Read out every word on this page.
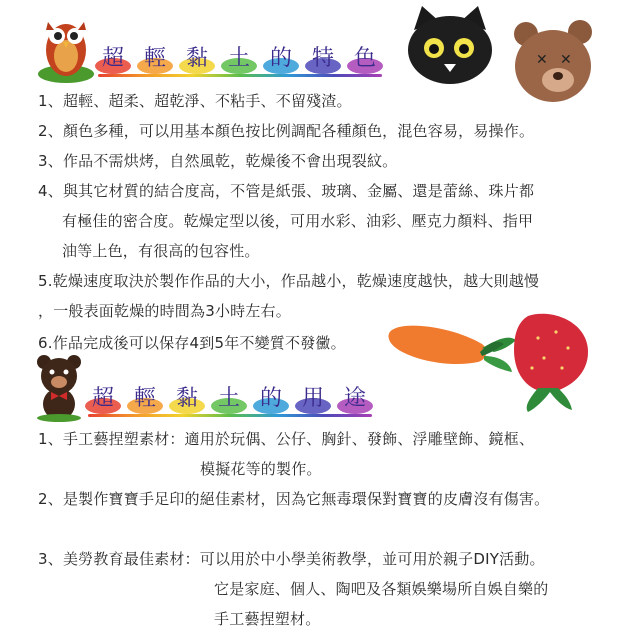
✕ ✕
超 輕 黏 土 的 特 色
1、超輕、超柔、超乾淨、不粘手、不留殘渣。
2、顏色多種，可以用基本顏色按比例調配各種顏色，混色容易，易操作。
3、作品不需烘烤，自然風乾，乾燥後不會出現裂紋。
4、與其它材質的結合度高，不管是紙張、玻璃、金屬、還是蕾絲、珠片都
有極佳的密合度。乾燥定型以後，可用水彩、油彩、壓克力顏料、指甲
油等上色，有很高的包容性。
5.乾燥速度取決於製作作品的大小，作品越小，乾燥速度越快，越大則越慢
，一般表面乾燥的時間為3小時左右。
6.作品完成後可以保存4到5年不變質不發黴。
超 輕 黏 土 的 用 途
1、手工藝捏塑素材：適用於玩偶、公仔、胸針、發飾、浮雕壁飾、鏡框、
模擬花等的製作。
2、是製作寶寶手足印的絕佳素材，因為它無毒環保對寶寶的皮膚沒有傷害。
3、美勞教育最佳素材：可以用於中小學美術教學，並可用於親子DIY活動。
它是家庭、個人、陶吧及各類娛樂場所自娛自樂的
手工藝捏塑材。
